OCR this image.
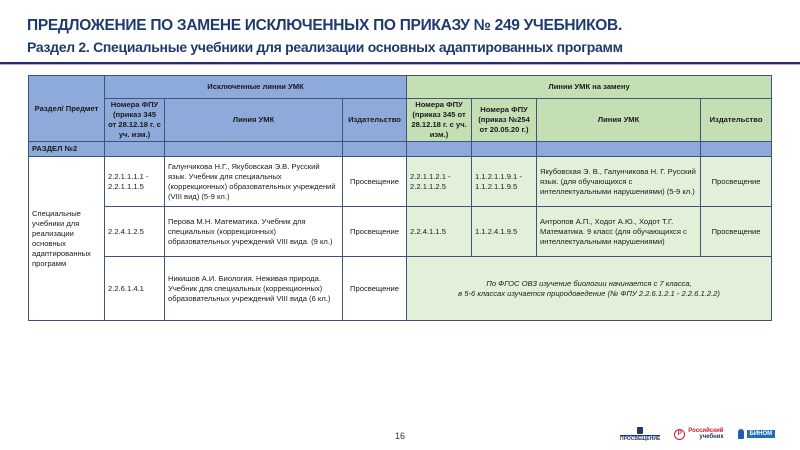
ПРЕДЛОЖЕНИЕ ПО ЗАМЕНЕ ИСКЛЮЧЕННЫХ ПО ПРИКАЗУ № 249 УЧЕБНИКОВ.
Раздел 2. Специальные учебники для реализации основных адаптированных программ
Раздел/ Предмет	Исключенные линии УМК			Линии УМК на замену			
	Номера ФПУ (приказ 345 от 28.12.18 г. с уч. изм.)	Линия УМК	Издательство	Номера ФПУ (приказ 345 от 28.12.18 г. с уч. изм.)	Номера ФПУ (приказ №254 от 20.05.20 г.)	Линия УМК	Издательство
РАЗДЕЛ №2							
Специальные учебники для реализации основных адаптированных программ	2.2.1.1.1.1 - 2.2.1.1.1.5	Галунчикова Н.Г., Якубовская Э.В. Русский язык. Учебник для специальных (коррекционных) образовательных учреждений (VIII вид) (5-9 кл.)	Просвещение	2.2.1.1.2.1 - 2.2.1.1.2.5	1.1.2.1.1.9.1 - 1.1.2.1.1.9.5	Якубовская Э. В., Галунчикова Н. Г. Русский язык. (для обучающихся с интеллектуальными нарушениями) (5-9 кл.)	Просвещение
	2.2.4.1.2.5	Перова М.Н. Математика. Учебник для специальных (коррекционных) образовательных учреждений VIII вида. (9 кл.)	Просвещение	2.2.4.1.1.5	1.1.2.4.1.9.5	Антропов А.П., Ходот А.Ю., Ходот Т.Г. Математика. 9 класс (для обучающихся с интеллектуальными нарушениями)	Просвещение
	2.2.6.1.4.1	Никишов А.И. Биология. Неживая природа. Учебник для специальных (коррекционных) образовательных учреждений VIII вида (6 кл.)	Просвещение	По ФГОС ОВЗ изучение биологии начинается с 7 класса,
в 5-6 классах изучается природоведение (№ ФПУ 2.2.6.1.2.1 - 2.2.6.1.2.2)			
16	ПРОСВЕЩЕНИЕ
Р	Российский
учебник	БИНОМ
